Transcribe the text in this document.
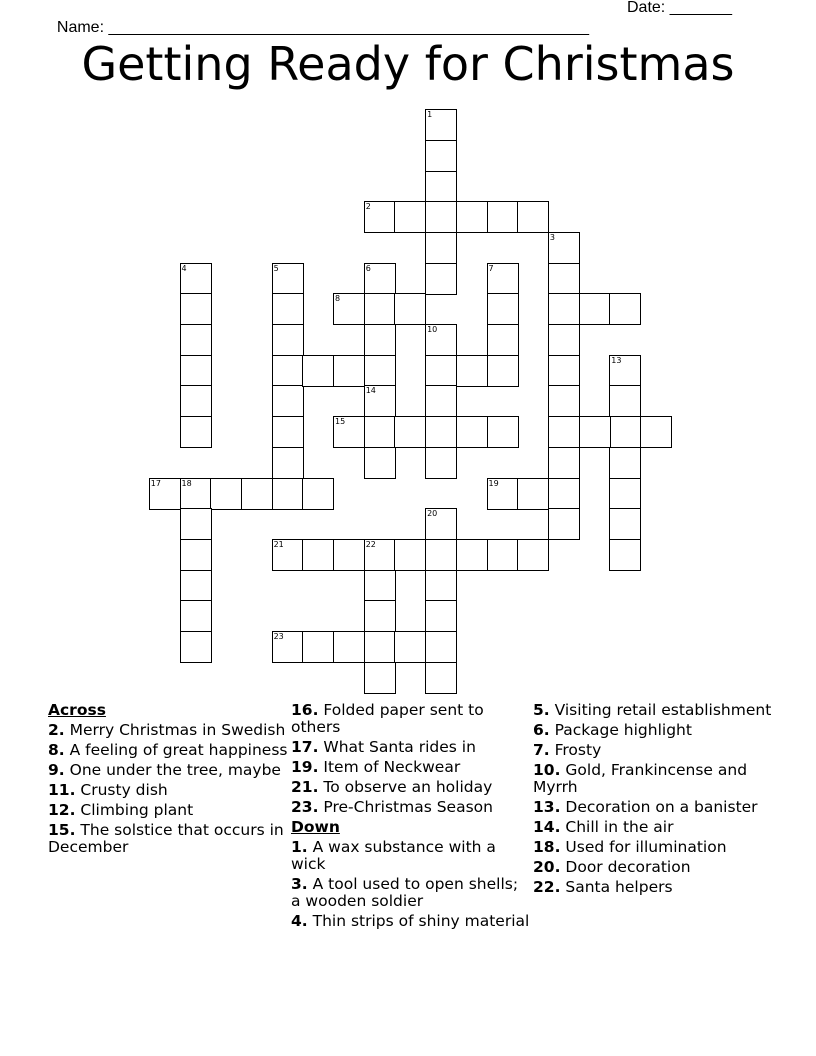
Name: ______________________________________________________

Date: _______

Getting Ready for Christmas
1
2
3
4	5	6	7
8
10
13
14
15
17	18	19
20
21	22
23
Across
2. Merry Christmas in Swedish
8. A feeling of great happiness
9. One under the tree, maybe
11. Crusty dish
12. Climbing plant
15. The solstice that occurs in December
16. Folded paper sent to others
17. What Santa rides in
19. Item of Neckwear
21. To observe an holiday
23. Pre-Christmas Season
Down
1. A wax substance with a wick
3. A tool used to open shells; a wooden soldier
4. Thin strips of shiny material
5. Visiting retail establishment
6. Package highlight
7. Frosty
10. Gold, Frankincense and Myrrh
13. Decoration on a banister
14. Chill in the air
18. Used for illumination
20. Door decoration
22. Santa helpers
